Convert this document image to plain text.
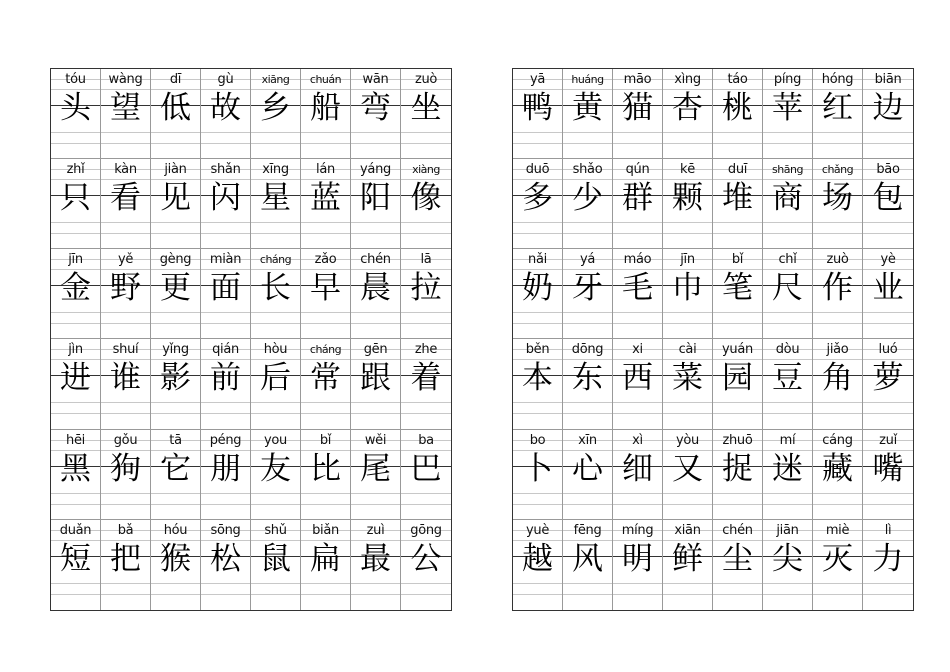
tóu
头
wàng
望
dī
低
gù
故
xiāng
乡
chuán
船
wān
弯
zuò
坐
zhǐ
只
kàn
看
jiàn
见
shǎn
闪
xīng
星
lán
蓝
yáng
阳
xiàng
像
jīn
金
yě
野
gèng
更
miàn
面
cháng
长
zǎo
早
chén
晨
lā
拉
jìn
进
shuí
谁
yǐng
影
qián
前
hòu
后
cháng
常
gēn
跟
zhe
着
hēi
黑
gǒu
狗
tā
它
péng
朋
you
友
bǐ
比
wěi
尾
ba
巴
duǎn
短
bǎ
把
hóu
猴
sōng
松
shǔ
鼠
biǎn
扁
zuì
最
gōng
公
yā
鸭
huáng
黄
māo
猫
xìng
杏
táo
桃
píng
苹
hóng
红
biān
边
duō
多
shǎo
少
qún
群
kē
颗
duī
堆
shāng
商
chǎng
场
bāo
包
nǎi
奶
yá
牙
máo
毛
jīn
巾
bǐ
笔
chǐ
尺
zuò
作
yè
业
běn
本
dōng
东
xi
西
cài
菜
yuán
园
dòu
豆
jiǎo
角
luó
萝
bo
卜
xīn
心
xì
细
yòu
又
zhuō
捉
mí
迷
cáng
藏
zuǐ
嘴
yuè
越
fēng
风
míng
明
xiān
鲜
chén
尘
jiān
尖
miè
灭
lì
力
